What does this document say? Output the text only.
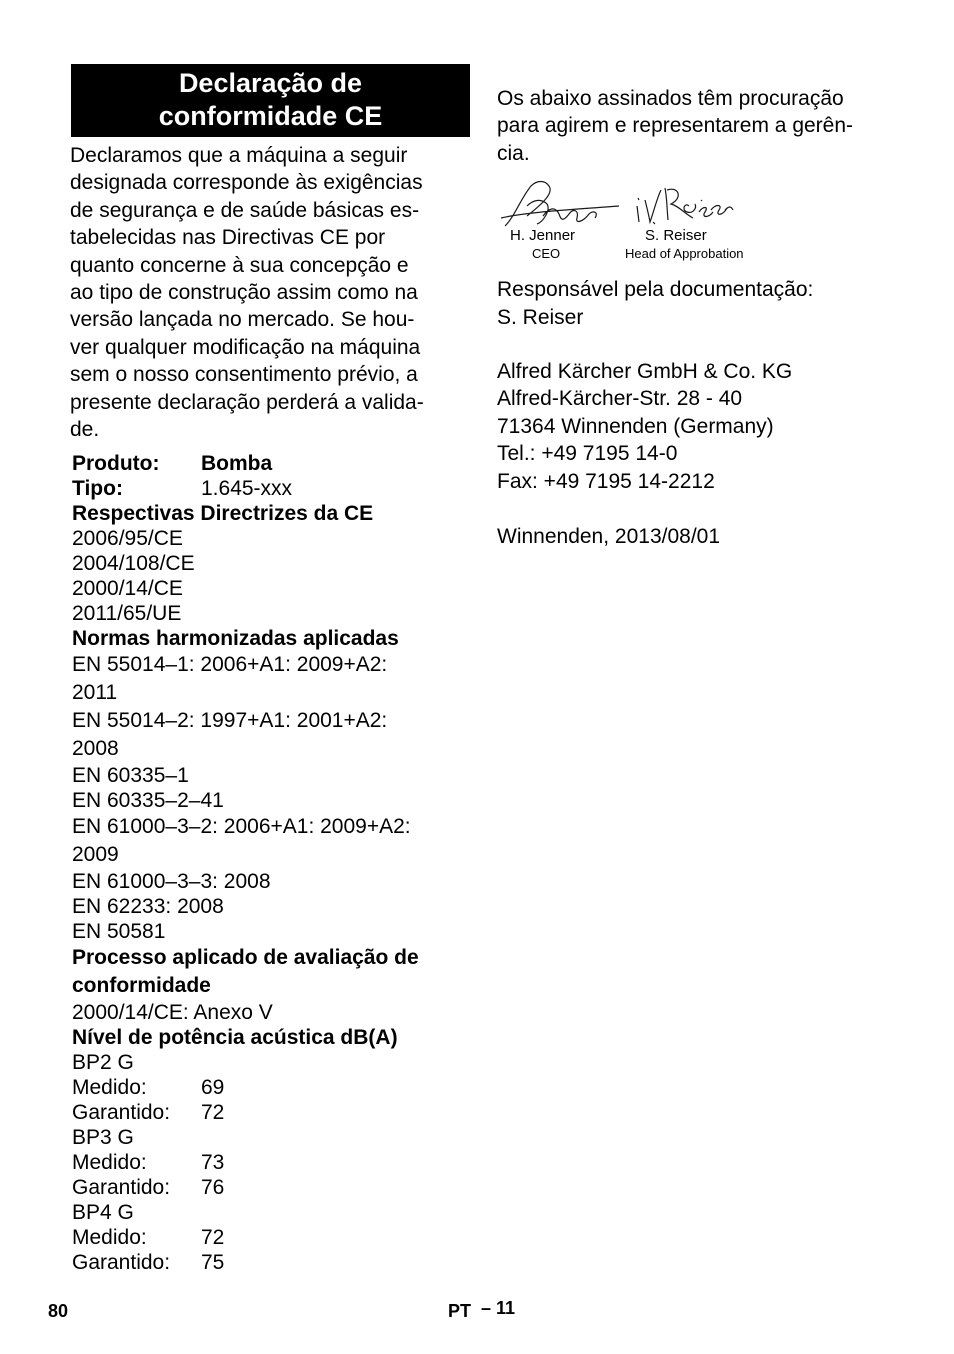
Declaração de
conformidade CE
Declaramos que a máquina a seguir
designada corresponde às exigências
de segurança e de saúde básicas es-
tabelecidas nas Directivas CE por
quanto concerne à sua concepção e
ao tipo de construção assim como na
versão lançada no mercado. Se hou-
ver qualquer modificação na máquina
sem o nosso consentimento prévio, a
presente declaração perderá a valida-
de.
Produto:	Bomba
Tipo:	1.645-xxx
Respectivas Directrizes da CE
2006/95/CE
2004/108/CE
2000/14/CE
2011/65/UE
Normas harmonizadas aplicadas
EN 55014–1: 2006+A1: 2009+A2:
2011
EN 55014–2: 1997+A1: 2001+A2:
2008
EN 60335–1
EN 60335–2–41
EN 61000–3–2: 2006+A1: 2009+A2:
2009
EN 61000–3–3: 2008
EN 62233: 2008
EN 50581
Processo aplicado de avaliação de
conformidade
2000/14/CE: Anexo V
Nível de potência acústica dB(A)
BP2 G
Medido:	69
Garantido:	72
BP3 G
Medido:	73
Garantido:	76
BP4 G
Medido:	72
Garantido:	75
Os abaixo assinados têm procuração
para agirem e representarem a gerên-
cia.
H. Jenner
CEO
S. Reiser
Head of Approbation
Responsável pela documentação:
S. Reiser
Alfred Kärcher GmbH & Co. KG
Alfred-Kärcher-Str. 28 - 40
71364 Winnenden (Germany)
Tel.: +49 7195 14-0
Fax: +49 7195 14-2212
Winnenden, 2013/08/01
80	PT – 11
